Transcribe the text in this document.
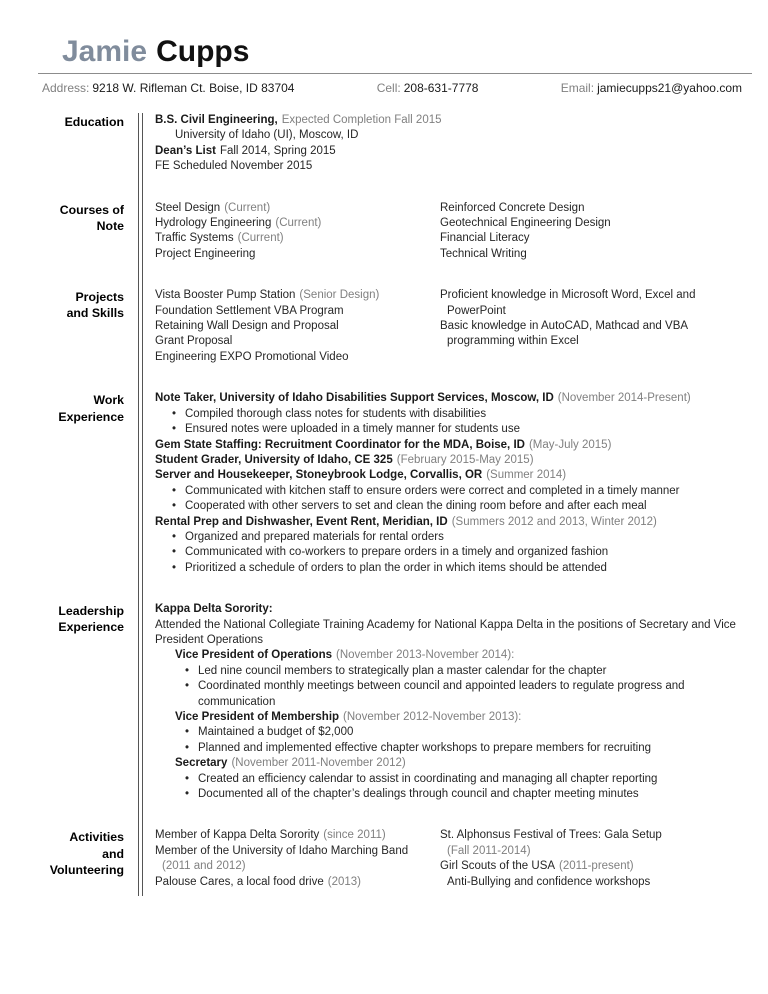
Jamie Cupps
Address: 9218 W. Rifleman Ct. Boise, ID 83704	Cell: 208-631-7778	Email: jamiecupps21@yahoo.com
Education	B.S. Civil Engineering, Expected Completion Fall 2015
University of Idaho (UI), Moscow, ID
Dean’s List Fall 2014, Spring 2015
FE Scheduled November 2015
Courses of
Note
Steel Design (Current)
Hydrology Engineering (Current)
Traffic Systems (Current)
Project Engineering
Reinforced Concrete Design
Geotechnical Engineering Design
Financial Literacy
Technical Writing
Projects
and Skills
Vista Booster Pump Station (Senior Design)
Foundation Settlement VBA Program
Retaining Wall Design and Proposal
Grant Proposal
Engineering EXPO Promotional Video
Proficient knowledge in Microsoft Word, Excel and
PowerPoint
Basic knowledge in AutoCAD, Mathcad and VBA
programming within Excel
Work
Experience
Note Taker, University of Idaho Disabilities Support Services, Moscow, ID (November 2014-Present)
• Compiled thorough class notes for students with disabilities
• Ensured notes were uploaded in a timely manner for students use
Gem State Staffing: Recruitment Coordinator for the MDA, Boise, ID (May-July 2015)
Student Grader, University of Idaho, CE 325 (February 2015-May 2015)
Server and Housekeeper, Stoneybrook Lodge, Corvallis, OR (Summer 2014)
• Communicated with kitchen staff to ensure orders were correct and completed in a timely manner
• Cooperated with other servers to set and clean the dining room before and after each meal
Rental Prep and Dishwasher, Event Rent, Meridian, ID (Summers 2012 and 2013, Winter 2012)
• Organized and prepared materials for rental orders
• Communicated with co-workers to prepare orders in a timely and organized fashion
• Prioritized a schedule of orders to plan the order in which items should be attended
Leadership
Experience
Kappa Delta Sorority:
Attended the National Collegiate Training Academy for National Kappa Delta in the positions of Secretary and Vice President Operations
Vice President of Operations (November 2013-November 2014):
• Led nine council members to strategically plan a master calendar for the chapter
• Coordinated monthly meetings between council and appointed leaders to regulate progress and communication
Vice President of Membership (November 2012-November 2013):
• Maintained a budget of $2,000
• Planned and implemented effective chapter workshops to prepare members for recruiting
Secretary (November 2011-November 2012)
• Created an efficiency calendar to assist in coordinating and managing all chapter reporting
• Documented all of the chapter’s dealings through council and chapter meeting minutes
Activities
and
Volunteering
Member of Kappa Delta Sorority (since 2011)
Member of the University of Idaho Marching Band
(2011 and 2012)
Palouse Cares, a local food drive (2013)
St. Alphonsus Festival of Trees: Gala Setup
(Fall 2011-2014)
Girl Scouts of the USA (2011-present)
Anti-Bullying and confidence workshops
